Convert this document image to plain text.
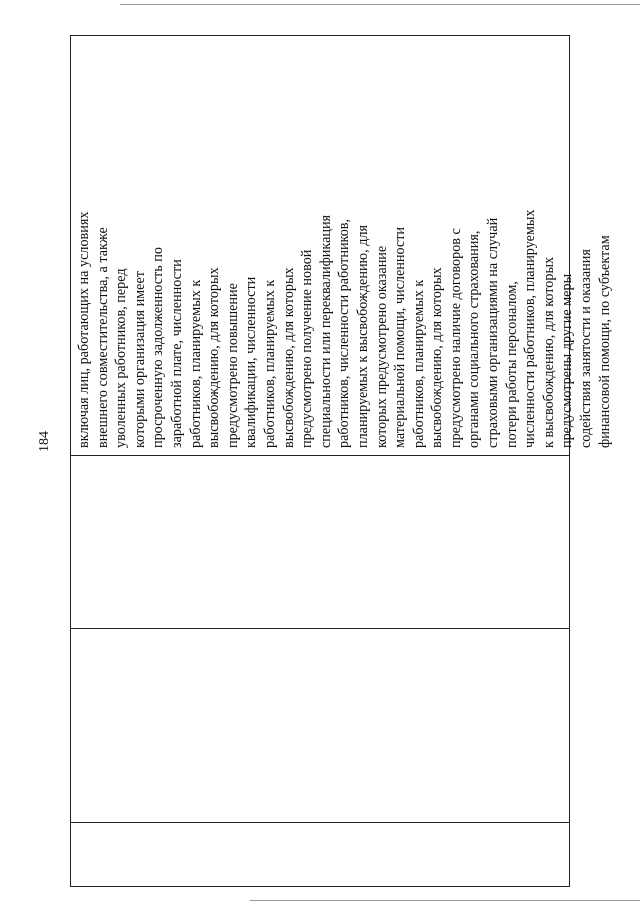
184 включая лиц, работающих на условиях внешнего совместительства, а также уволенных работников, перед которыми организация имеет просроченную задолженность по заработной плате, численности работников, планируемых к высвобождению, для которых предусмотрено повышение квалификации, численности работников, планируемых к высвобождению, для которых предусмотрено получение новой специальности или переквалификация работников, численности работников, планируемых к высвобождению, для которых предусмотрено оказание материальной помощи, численности работников, планируемых к высвобождению, для которых предусмотрено наличие договоров с органами социального страхования, страховыми организациями на случай потери работы персоналом, численности работников, планируемых к высвобождению, для которых предусмотрены другие меры содействия занятости и оказания финансовой помощи, по субъектам
